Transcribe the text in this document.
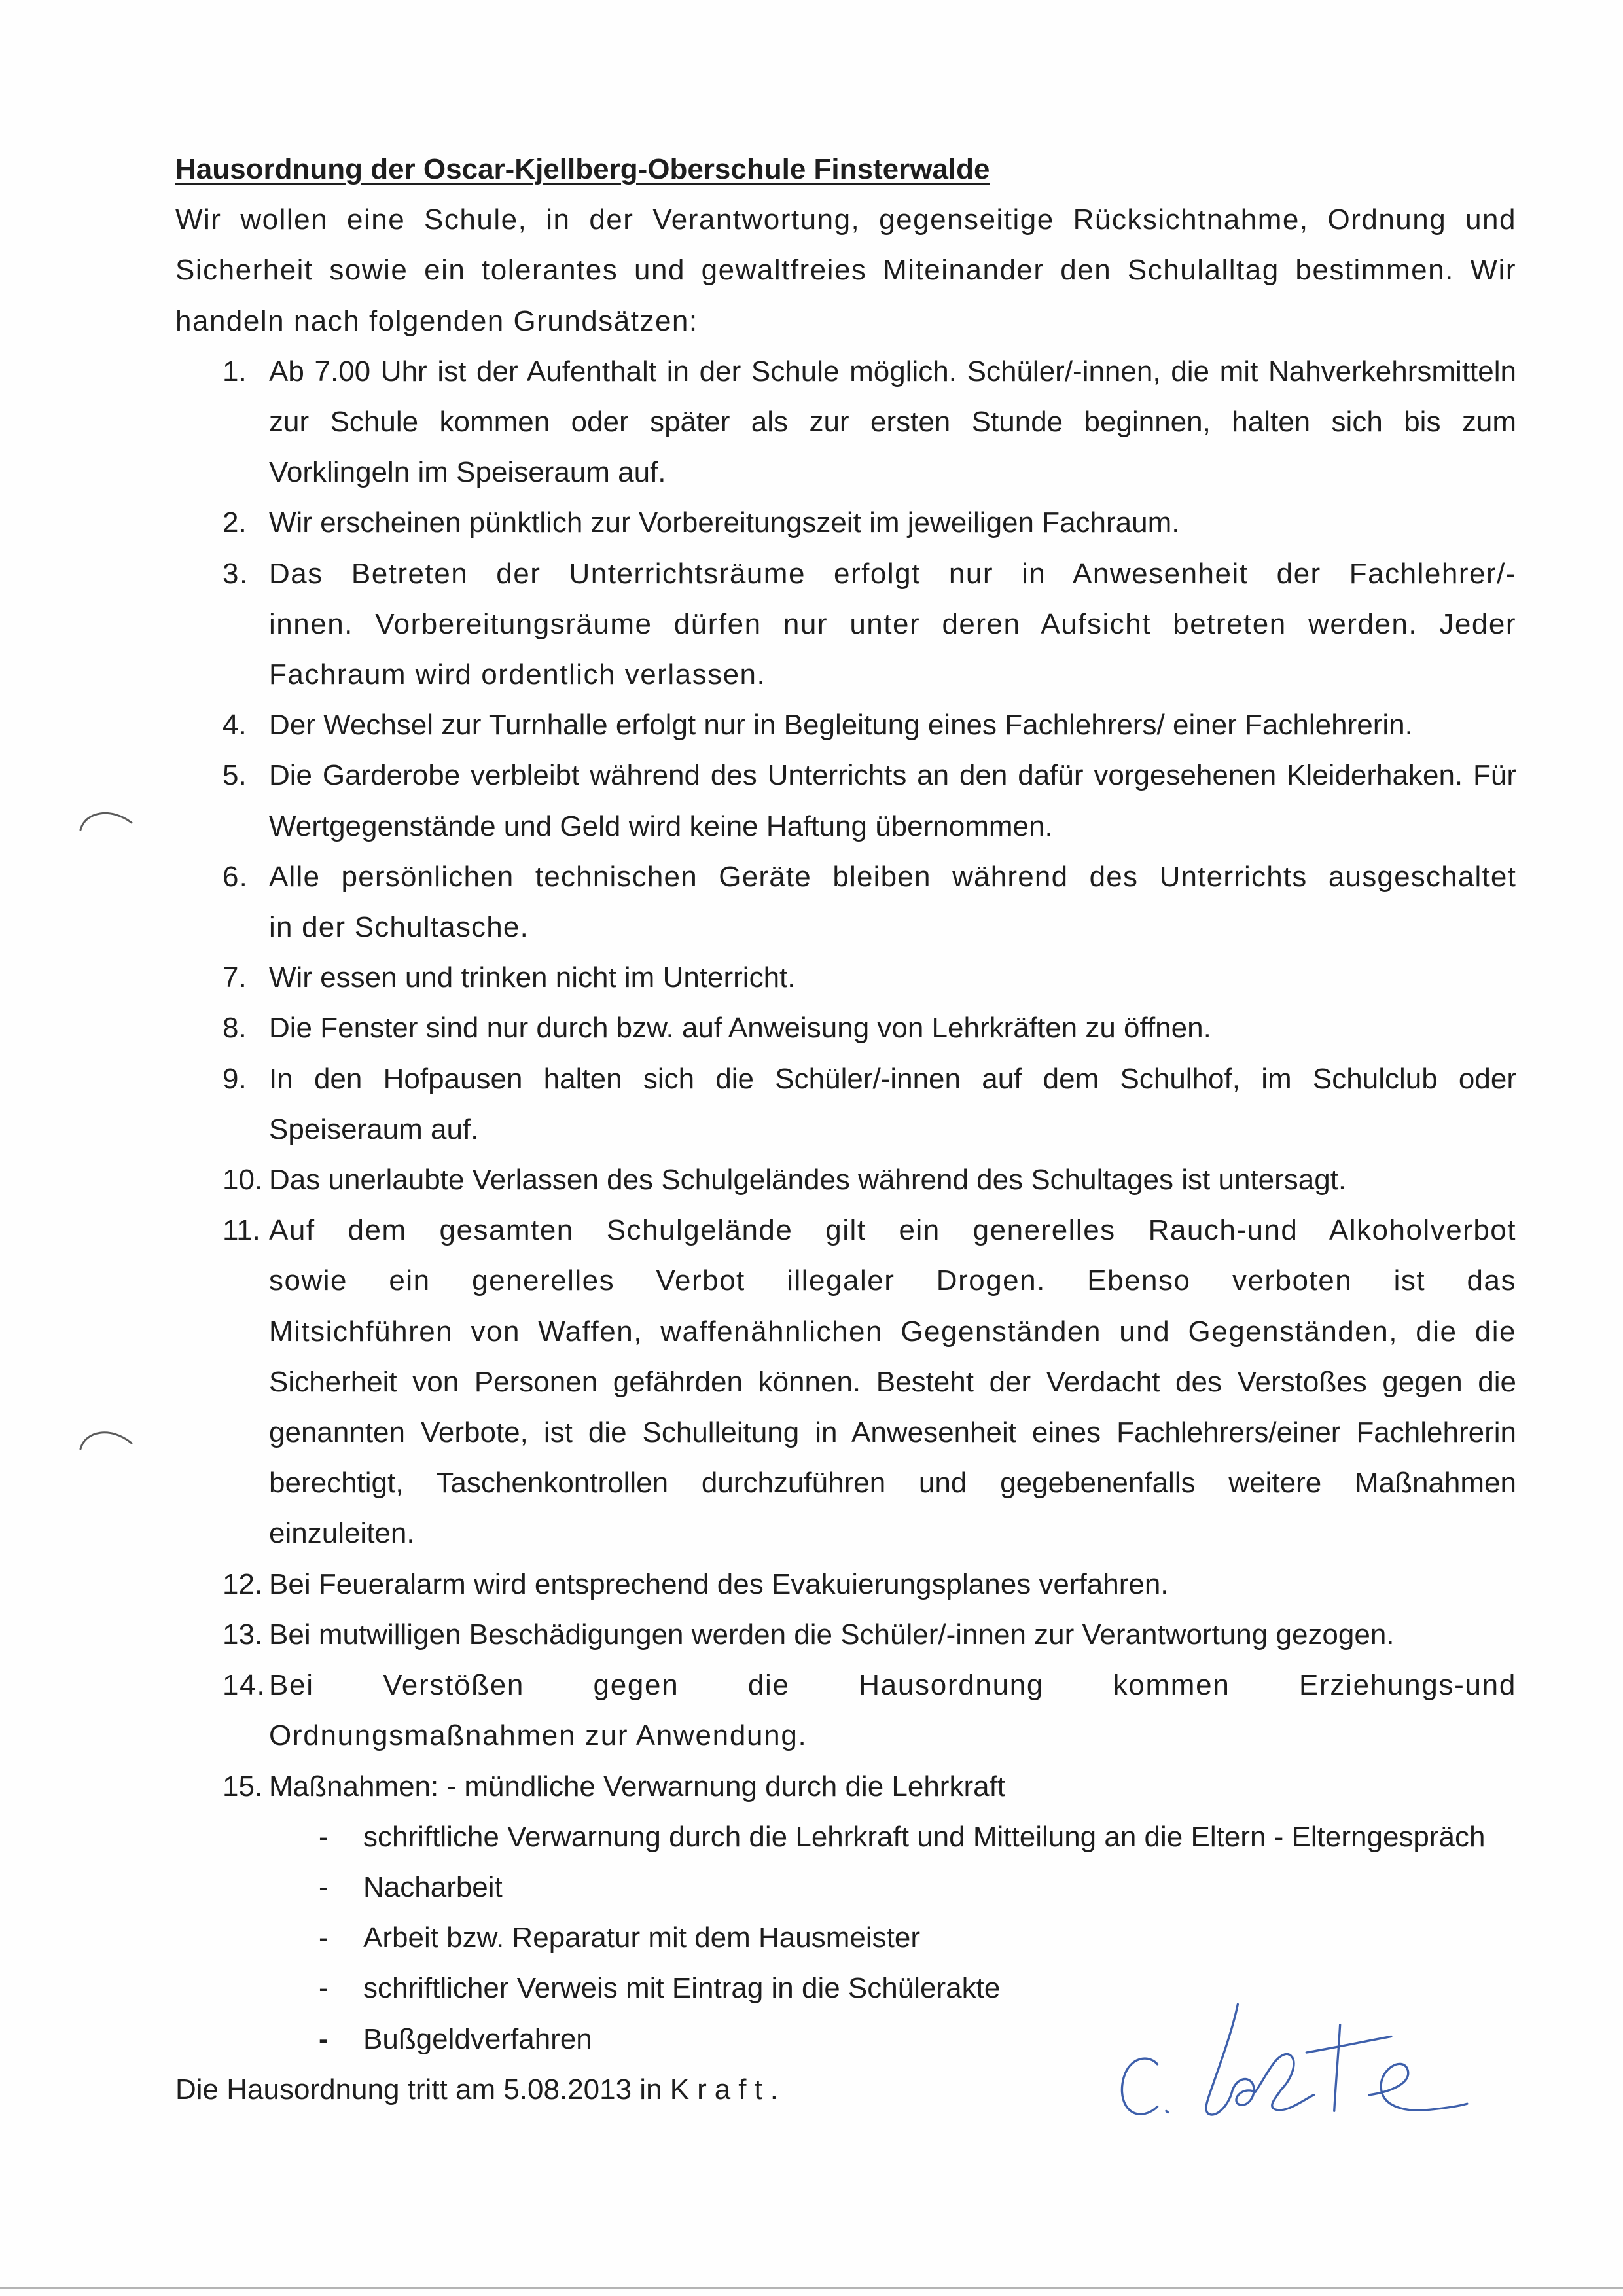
Hausordnung der Oscar-Kjellberg-Oberschule Finsterwalde
Wir wollen eine Schule, in der Verantwortung, gegenseitige Rücksichtnahme, Ordnung und
Sicherheit sowie ein tolerantes und gewaltfreies Miteinander den Schulalltag bestimmen. Wir
handeln nach folgenden Grundsätzen:
1. Ab 7.00 Uhr ist der Aufenthalt in der Schule möglich. Schüler/-innen, die mit Nahverkehrsmitteln
zur Schule kommen oder später als zur ersten Stunde beginnen, halten sich bis zum
Vorklingeln im Speiseraum auf.
2. Wir erscheinen pünktlich zur Vorbereitungszeit im jeweiligen Fachraum.
3. Das Betreten der Unterrichtsräume erfolgt nur in Anwesenheit der Fachlehrer/-
innen. Vorbereitungsräume dürfen nur unter deren Aufsicht betreten werden. Jeder
Fachraum wird ordentlich verlassen.
4. Der Wechsel zur Turnhalle erfolgt nur in Begleitung eines Fachlehrers/ einer Fachlehrerin.
5. Die Garderobe verbleibt während des Unterrichts an den dafür vorgesehenen Kleiderhaken. Für
Wertgegenstände und Geld wird keine Haftung übernommen.
6. Alle persönlichen technischen Geräte bleiben während des Unterrichts ausgeschaltet
in der Schultasche.
7. Wir essen und trinken nicht im Unterricht.
8. Die Fenster sind nur durch bzw. auf Anweisung von Lehrkräften zu öffnen.
9. In den Hofpausen halten sich die Schüler/-innen auf dem Schulhof, im Schulclub oder
Speiseraum auf.
10. Das unerlaubte Verlassen des Schulgeländes während des Schultages ist untersagt.
11. Auf dem gesamten Schulgelände gilt ein generelles Rauch-und Alkoholverbot
sowie ein generelles Verbot illegaler Drogen. Ebenso verboten ist das
Mitsichführen von Waffen, waffenähnlichen Gegenständen und Gegenständen, die die
Sicherheit von Personen gefährden können. Besteht der Verdacht des Verstoßes gegen die
genannten Verbote, ist die Schulleitung in Anwesenheit eines Fachlehrers/einer Fachlehrerin
berechtigt, Taschenkontrollen durchzuführen und gegebenenfalls weitere Maßnahmen
einzuleiten.
12. Bei Feueralarm wird entsprechend des Evakuierungsplanes verfahren.
13. Bei mutwilligen Beschädigungen werden die Schüler/-innen zur Verantwortung gezogen.
14. Bei Verstößen gegen die Hausordnung kommen Erziehungs-und
Ordnungsmaßnahmen zur Anwendung.
15. Maßnahmen: - mündliche Verwarnung durch die Lehrkraft
- schriftliche Verwarnung durch die Lehrkraft und Mitteilung an die Eltern - Elterngespräch
- Nacharbeit
- Arbeit bzw. Reparatur mit dem Hausmeister
- schriftlicher Verweis mit Eintrag in die Schülerakte
- Bußgeldverfahren
Die Hausordnung tritt am 5.08.2013 in Kraft.
